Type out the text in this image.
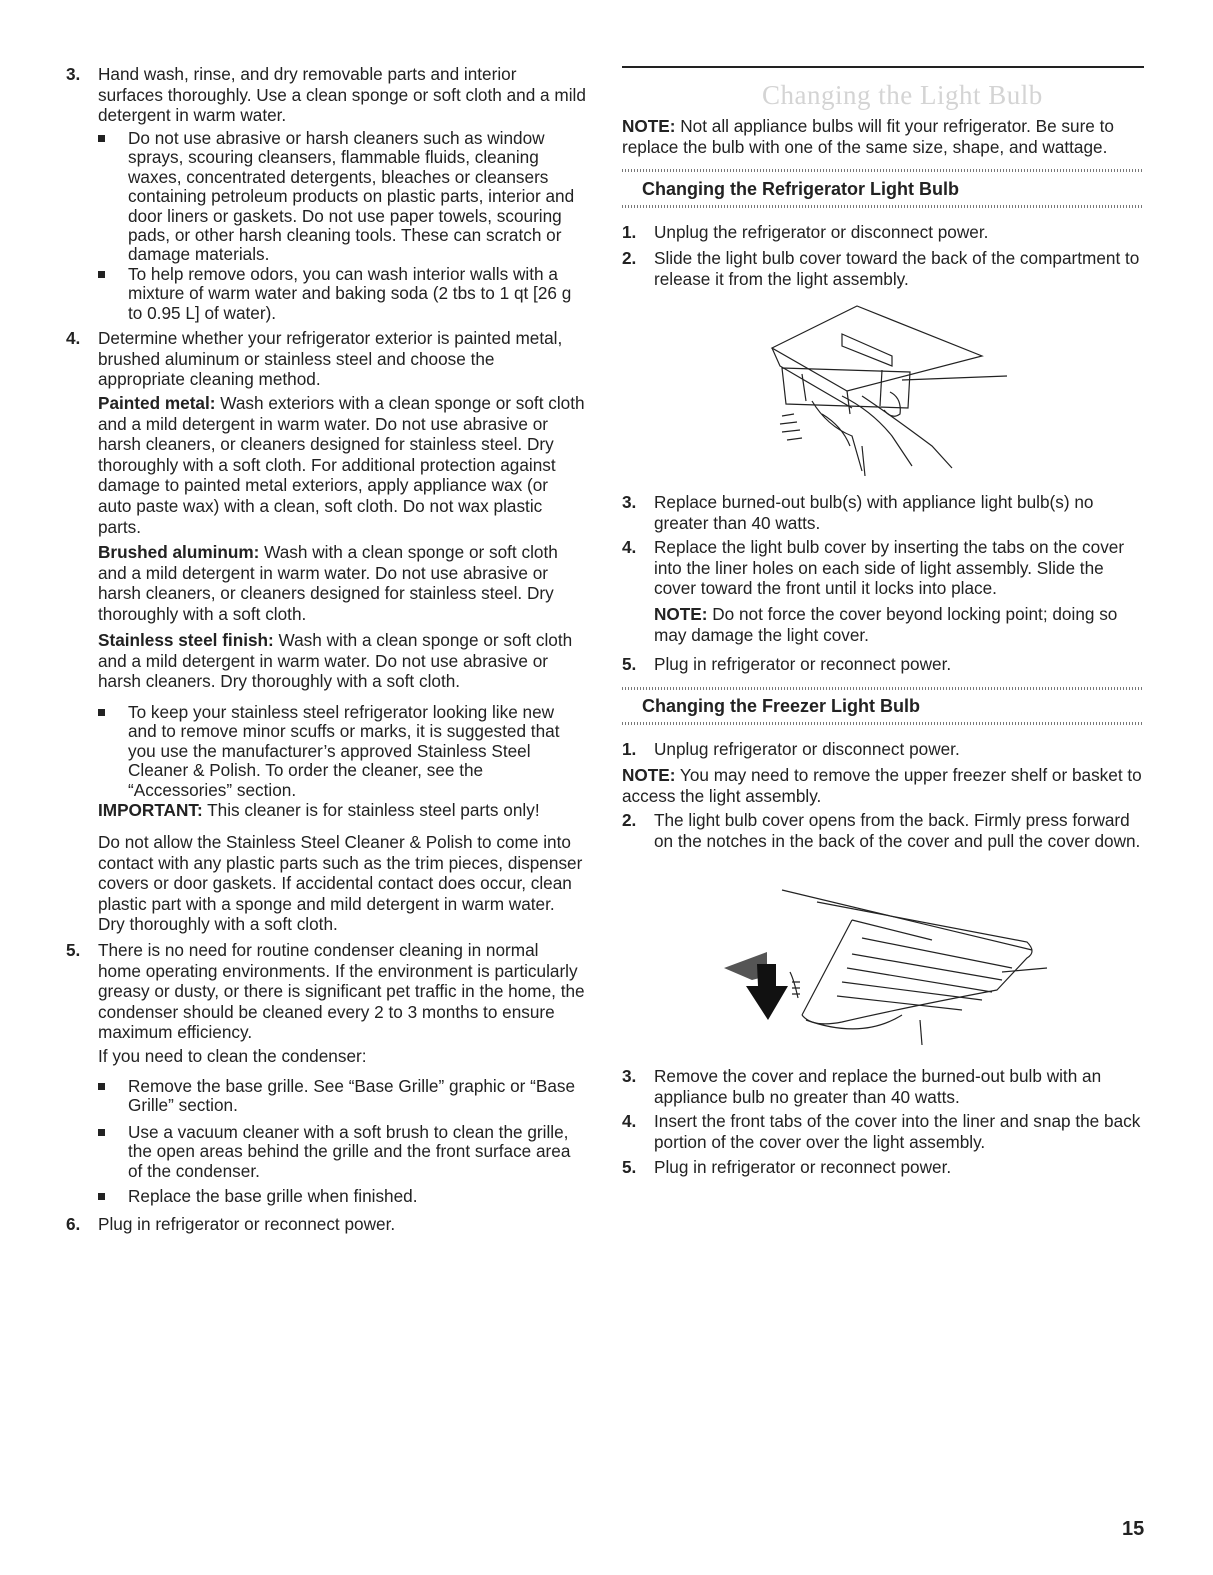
3. Hand wash, rinse, and dry removable parts and interior surfaces thoroughly. Use a clean sponge or soft cloth and a mild detergent in warm water.
Do not use abrasive or harsh cleaners such as window sprays, scouring cleansers, flammable fluids, cleaning waxes, concentrated detergents, bleaches or cleansers containing petroleum products on plastic parts, interior and door liners or gaskets. Do not use paper towels, scouring pads, or other harsh cleaning tools. These can scratch or damage materials.
To help remove odors, you can wash interior walls with a mixture of warm water and baking soda (2 tbs to 1 qt [26 g to 0.95 L] of water).
4. Determine whether your refrigerator exterior is painted metal, brushed aluminum or stainless steel and choose the appropriate cleaning method.
Painted metal: Wash exteriors with a clean sponge or soft cloth and a mild detergent in warm water. Do not use abrasive or harsh cleaners, or cleaners designed for stainless steel. Dry thoroughly with a soft cloth. For additional protection against damage to painted metal exteriors, apply appliance wax (or auto paste wax) with a clean, soft cloth. Do not wax plastic parts.
Brushed aluminum: Wash with a clean sponge or soft cloth and a mild detergent in warm water. Do not use abrasive or harsh cleaners, or cleaners designed for stainless steel. Dry thoroughly with a soft cloth.
Stainless steel finish: Wash with a clean sponge or soft cloth and a mild detergent in warm water. Do not use abrasive or harsh cleaners. Dry thoroughly with a soft cloth.
To keep your stainless steel refrigerator looking like new and to remove minor scuffs or marks, it is suggested that you use the manufacturer’s approved Stainless Steel Cleaner & Polish. To order the cleaner, see the “Accessories” section.
IMPORTANT: This cleaner is for stainless steel parts only!
Do not allow the Stainless Steel Cleaner & Polish to come into contact with any plastic parts such as the trim pieces, dispenser covers or door gaskets. If accidental contact does occur, clean plastic part with a sponge and mild detergent in warm water. Dry thoroughly with a soft cloth.
5. There is no need for routine condenser cleaning in normal home operating environments. If the environment is particularly greasy or dusty, or there is significant pet traffic in the home, the condenser should be cleaned every 2 to 3 months to ensure maximum efficiency.
If you need to clean the condenser:
Remove the base grille. See “Base Grille” graphic or “Base Grille” section.
Use a vacuum cleaner with a soft brush to clean the grille, the open areas behind the grille and the front surface area of the condenser.
Replace the base grille when finished.
6. Plug in refrigerator or reconnect power.
Changing the Light Bulb
NOTE: Not all appliance bulbs will fit your refrigerator. Be sure to replace the bulb with one of the same size, shape, and wattage.
Changing the Refrigerator Light Bulb
1. Unplug the refrigerator or disconnect power.
2. Slide the light bulb cover toward the back of the compartment to release it from the light assembly.
3. Replace burned-out bulb(s) with appliance light bulb(s) no greater than 40 watts.
4. Replace the light bulb cover by inserting the tabs on the cover into the liner holes on each side of light assembly. Slide the cover toward the front until it locks into place.
NOTE: Do not force the cover beyond locking point; doing so may damage the light cover.
5. Plug in refrigerator or reconnect power.
Changing the Freezer Light Bulb
1. Unplug refrigerator or disconnect power.
NOTE: You may need to remove the upper freezer shelf or basket to access the light assembly.
2. The light bulb cover opens from the back. Firmly press forward on the notches in the back of the cover and pull the cover down.
3. Remove the cover and replace the burned-out bulb with an appliance bulb no greater than 40 watts.
4. Insert the front tabs of the cover into the liner and snap the back portion of the cover over the light assembly.
5. Plug in refrigerator or reconnect power.
15
